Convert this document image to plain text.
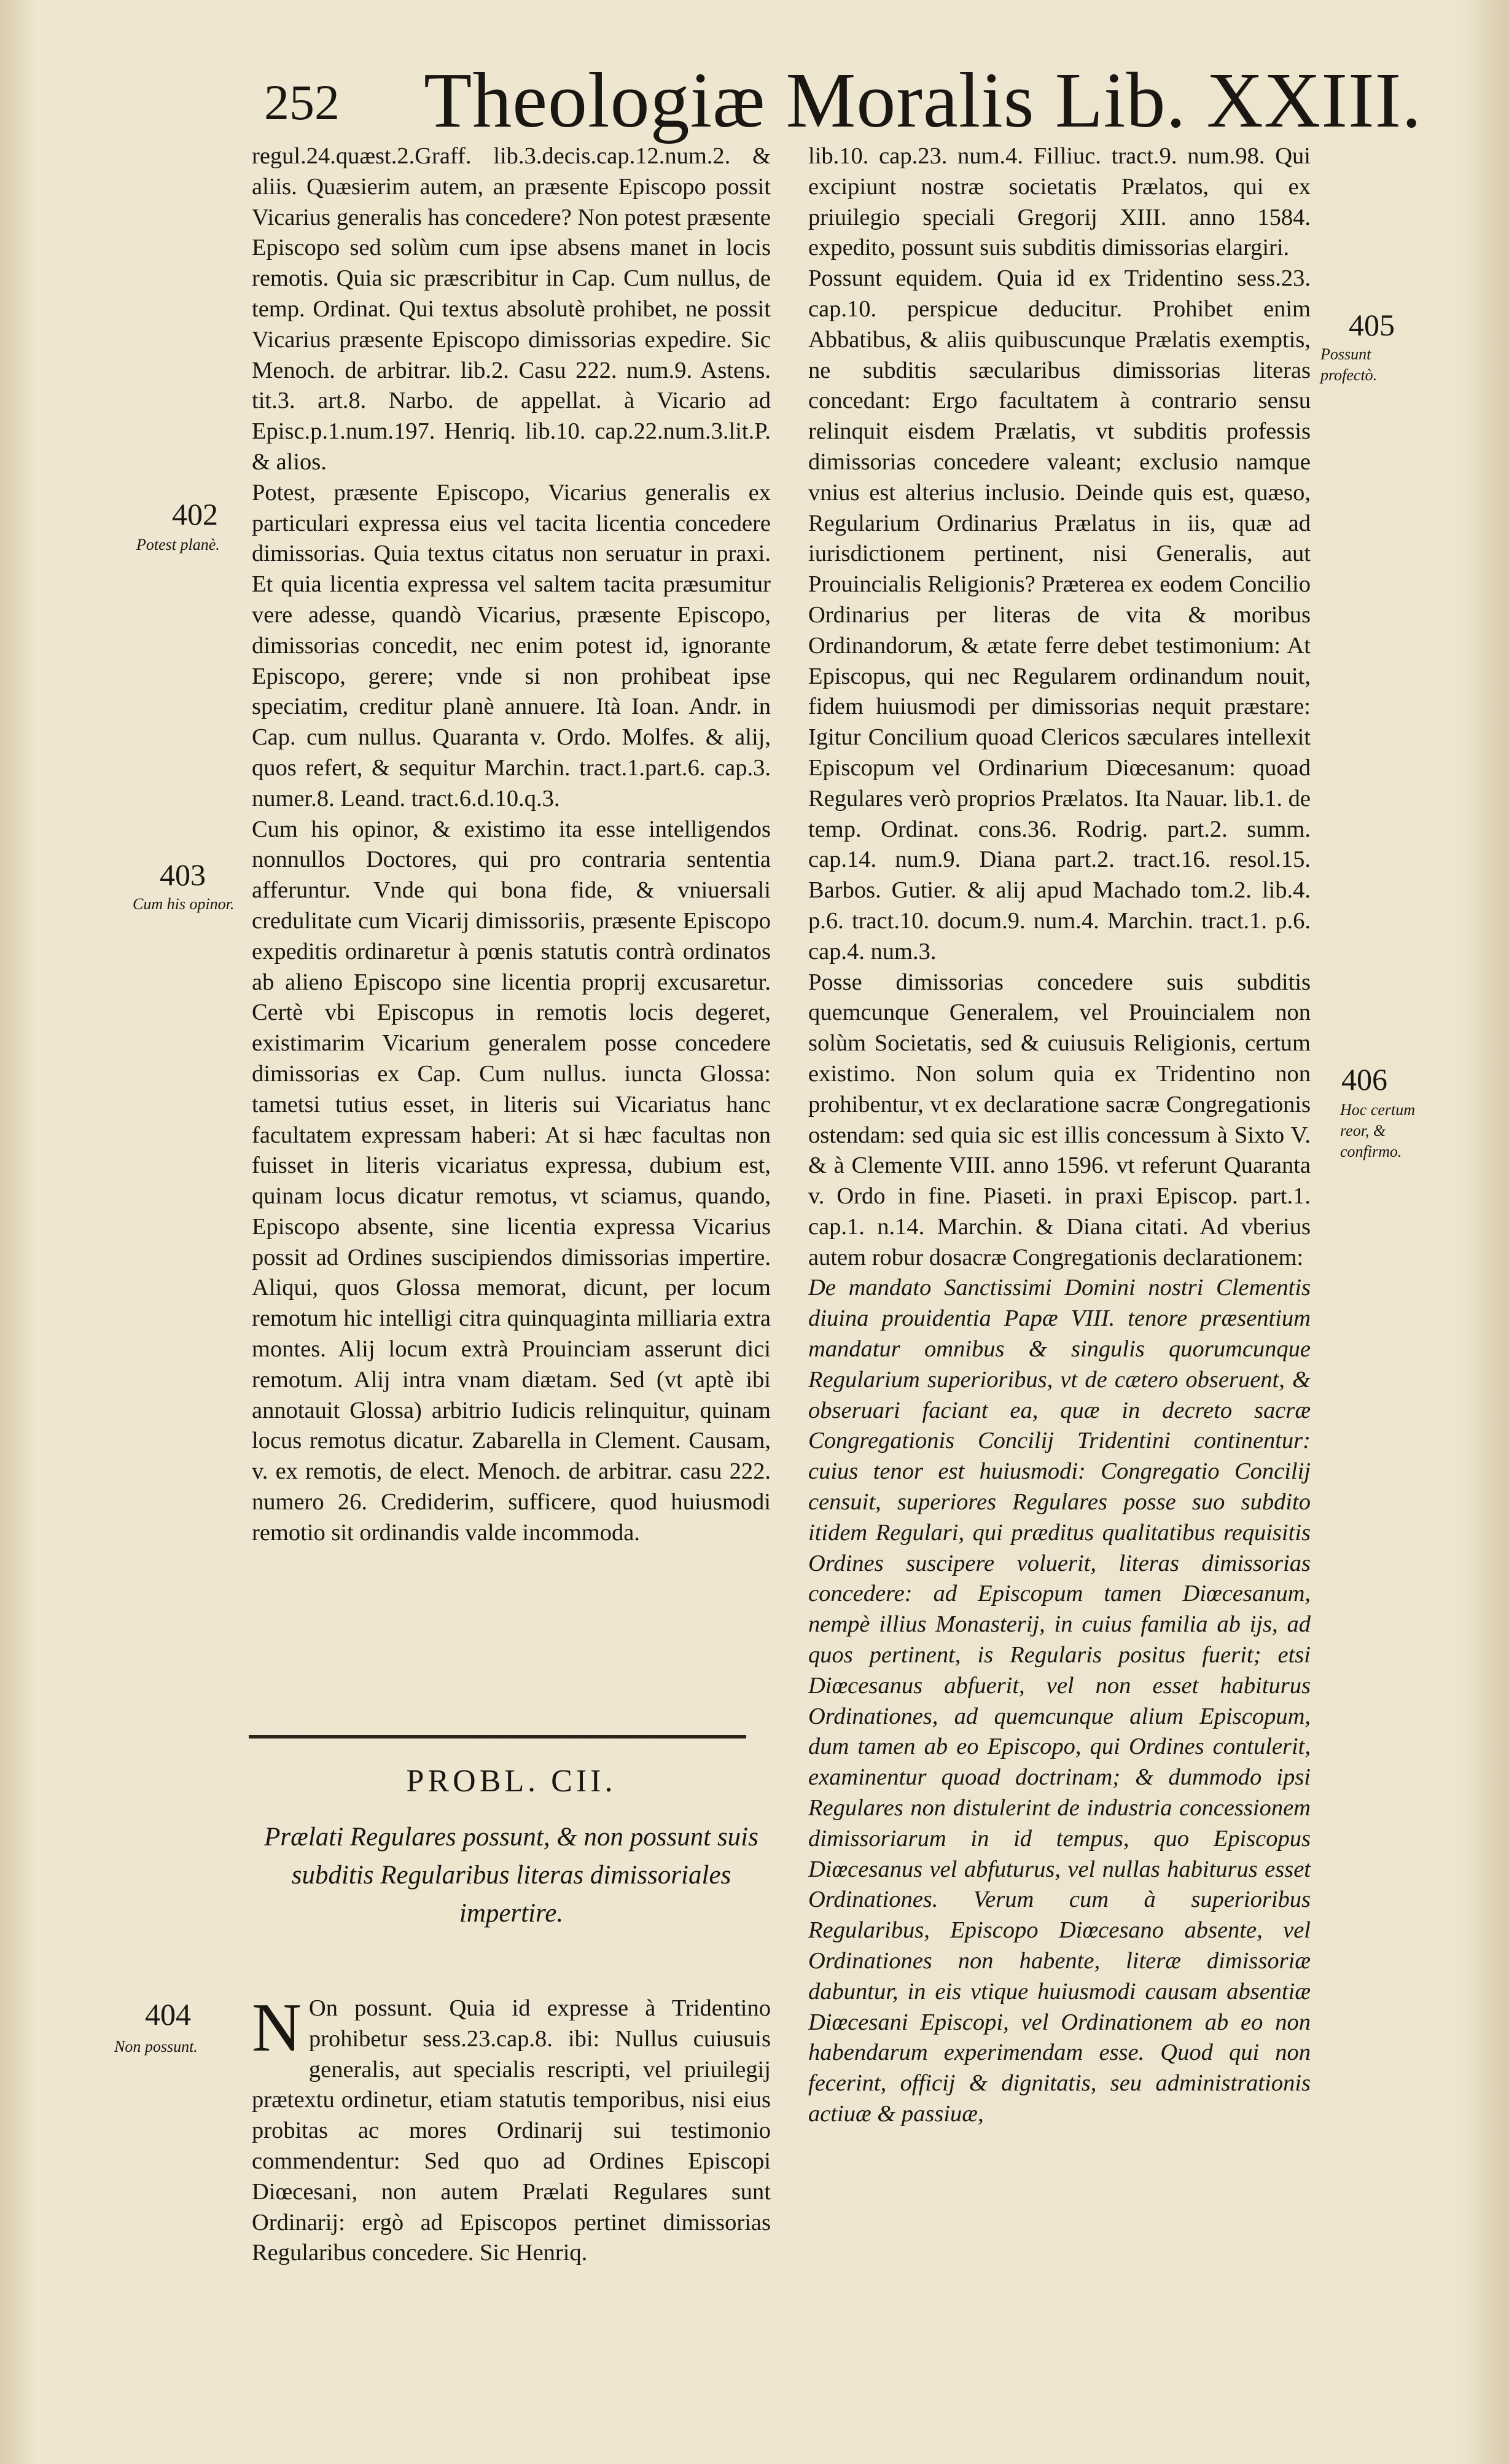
252 Theologiæ Moralis Lib. XXIII.

regul.24.quæst.2.Graff. lib.3.decis.cap.12.num.2. & aliis. Quæsierim autem, an præsente Episcopo possit Vicarius generalis has concedere? Non potest præsente Episcopo sed solùm cum ipse absens manet in locis remotis. Quia sic præscribitur in Cap. Cum nullus, de temp. Ordinat. Qui textus absolutè prohibet, ne possit Vicarius præsente Episcopo dimissorias expedire. Sic Menoch. de arbitrar. lib.2. Casu 222. num.9. Astens. tit.3. art.8. Narbo. de appellat. à Vicario ad Episc.p.1.num.197. Henriq. lib.10. cap.22.num.3.lit.P. & alios.

Potest, præsente Episcopo, Vicarius generalis ex particulari expressa eius vel tacita licentia concedere dimissorias. Quia textus citatus non seruatur in praxi. Et quia licentia expressa vel saltem tacita præsumitur vere adesse, quandò Vicarius, præsente Episcopo, dimissorias concedit, nec enim potest id, ignorante Episcopo, gerere; vnde si non prohibeat ipse speciatim, creditur planè annuere. Ità Ioan. Andr. in Cap. cum nullus. Quaranta v. Ordo. Molfes. & alij, quos refert, & sequitur Marchin. tract.1.part.6. cap.3. numer.8. Leand. tract.6.d.10.q.3.

Cum his opinor, & existimo ita esse intelligendos nonnullos Doctores, qui pro contraria sententia afferuntur. Vnde qui bona fide, & vniuersali credulitate cum Vicarij dimissoriis, præsente Episcopo expeditis ordinaretur à pœnis statutis contrà ordinatos ab alieno Episcopo sine licentia proprij excusaretur. Certè vbi Episcopus in remotis locis degeret, existimarim Vicarium generalem posse concedere dimissorias ex Cap. Cum nullus. iuncta Glossa: tametsi tutius esset, in literis sui Vicariatus hanc facultatem expressam haberi: At si hæc facultas non fuisset in literis vicariatus expressa, dubium est, quinam locus dicatur remotus, vt sciamus, quando, Episcopo absente, sine licentia expressa Vicarius possit ad Ordines suscipiendos dimissorias impertire. Aliqui, quos Glossa memorat, dicunt, per locum remotum hic intelligi citra quinquaginta milliaria extra montes. Alij locum extrà Prouinciam asserunt dici remotum. Alij intra vnam diætam. Sed (vt aptè ibi annotauit Glossa) arbitrio Iudicis relinquitur, quinam locus remotus dicatur. Zabarella in Clement. Causam, v. ex remotis, de elect. Menoch. de arbitrar. casu 222. numero 26. Crediderim, sufficere, quod huiusmodi remotio sit ordinandis valde incommoda.

PROBL. CII.
Prælati Regulares possunt, & non possunt suis subditis Regularibus literas dimissoriales impertire.

N On possunt. Quia id expresse à Tridentino prohibetur sess.23.cap.8. ibi: Nullus cuiusuis generalis, aut specialis rescripti, vel priuilegij prætextu ordinetur, etiam statutis temporibus, nisi eius probitas ac mores Ordinarij sui testimonio commendentur: Sed quo ad Ordines Episcopi Diœcesani, non autem Prælati Regulares sunt Ordinarij: ergò ad Episcopos pertinet dimissorias Regularibus concedere. Sic Henriq.

lib.10. cap.23. num.4. Filliuc. tract.9. num.98. Qui excipiunt nostræ societatis Prælatos, qui ex priuilegio speciali Gregorij XIII. anno 1584. expedito, possunt suis subditis dimissorias elargiri.

Possunt equidem. Quia id ex Tridentino sess.23. cap.10. perspicue deducitur. Prohibet enim Abbatibus, & aliis quibuscunque Prælatis exemptis, ne subditis sæcularibus dimissorias literas concedant: Ergo facultatem à contrario sensu relinquit eisdem Prælatis, vt subditis professis dimissorias concedere valeant; exclusio namque vnius est alterius inclusio. Deinde quis est, quæso, Regularium Ordinarius Prælatus in iis, quæ ad iurisdictionem pertinent, nisi Generalis, aut Prouincialis Religionis? Præterea ex eodem Concilio Ordinarius per literas de vita & moribus Ordinandorum, & ætate ferre debet testimonium: At Episcopus, qui nec Regularem ordinandum nouit, fidem huiusmodi per dimissorias nequit præstare: Igitur Concilium quoad Clericos sæculares intellexit Episcopum vel Ordinarium Diœcesanum: quoad Regulares verò proprios Prælatos. Ita Nauar. lib.1. de temp. Ordinat. cons.36. Rodrig. part.2. summ. cap.14. num.9. Diana part.2. tract.16. resol.15. Barbos. Gutier. & alij apud Machado tom.2. lib.4. p.6. tract.10. docum.9. num.4. Marchin. tract.1. p.6. cap.4. num.3.

Posse dimissorias concedere suis subditis quemcunque Generalem, vel Prouincialem non solùm Societatis, sed & cuiusuis Religionis, certum existimo. Non solum quia ex Tridentino non prohibentur, vt ex declaratione sacræ Congregationis ostendam: sed quia sic est illis concessum à Sixto V. & à Clemente VIII. anno 1596. vt referunt Quaranta v. Ordo in fine. Piaseti. in praxi Episcop. part.1. cap.1. n.14. Marchin. & Diana citati. Ad vberius autem robur dosacræ Congregationis declarationem:

De mandato Sanctissimi Domini nostri Clementis diuina prouidentia Papæ VIII. tenore præsentium mandatur omnibus & singulis quorumcunque Regularium superioribus, vt de cætero obseruent, & obseruari faciant ea, quæ in decreto sacræ Congregationis Concilij Tridentini continentur: cuius tenor est huiusmodi: Congregatio Concilij censuit, superiores Regulares posse suo subdito itidem Regulari, qui præditus qualitatibus requisitis Ordines suscipere voluerit, literas dimissorias concedere: ad Episcopum tamen Diœcesanum, nempè illius Monasterij, in cuius familia ab ijs, ad quos pertinent, is Regularis positus fuerit; etsi Diœcesanus abfuerit, vel non esset habiturus Ordinationes, ad quemcunque alium Episcopum, dum tamen ab eo Episcopo, qui Ordines contulerit, examinentur quoad doctrinam; & dummodo ipsi Regulares non distulerint de industria concessionem dimissoriarum in id tempus, quo Episcopus Diœcesanus vel abfuturus, vel nullas habiturus esset Ordinationes. Verum cum à superioribus Regularibus, Episcopo Diœcesano absente, vel Ordinationes non habente, literæ dimissoriæ dabuntur, in eis vtique huiusmodi causam absentiæ Diœcesani Episcopi, vel Ordinationem ab eo non habendarum experimendam esse. Quod qui non fecerint, officij & dignitatis, seu administrationis actiuæ & passiuæ,

402
Potest planè.
403
Cum his opinor.
404
Non possunt.
405
Possunt profectò.
406
Hoc certum reor, & confirmo.
